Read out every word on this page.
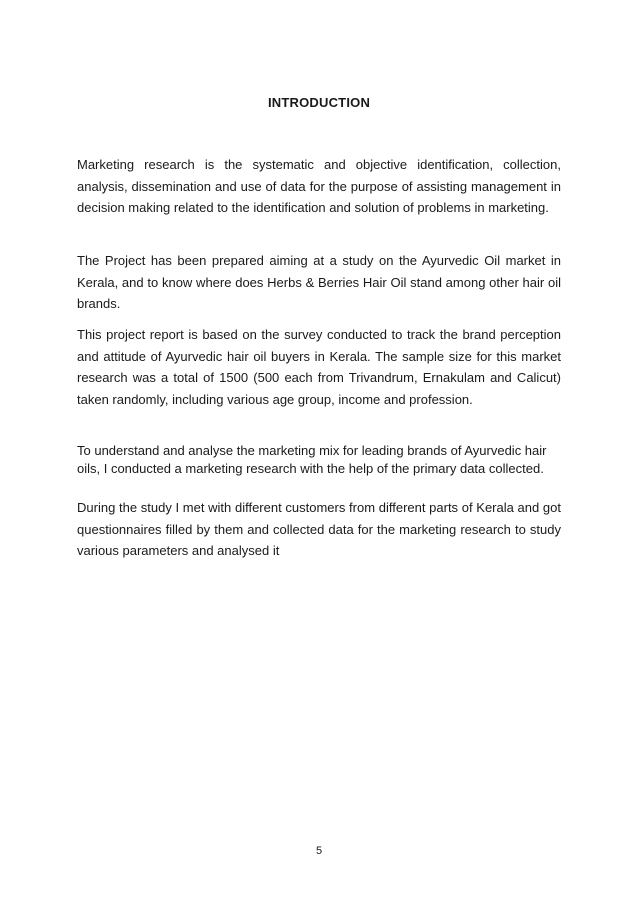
INTRODUCTION
Marketing research is the systematic and objective identification, collection, analysis, dissemination and use of data for the purpose of assisting management in decision making related to the identification and solution of problems in marketing.
The Project has been prepared aiming at a study on the Ayurvedic Oil market in Kerala, and to know where does Herbs & Berries Hair Oil stand among other hair oil brands.
This project report is based on the survey conducted to track the brand perception and attitude of Ayurvedic hair oil buyers in Kerala. The sample size for this market research was a total of 1500 (500 each from Trivandrum, Ernakulam and Calicut) taken randomly, including various age group, income and profession.
To understand and analyse the marketing mix for leading brands of Ayurvedic hair oils, I conducted a marketing research with the help of the primary data collected.
During the study I met with different customers from different parts of Kerala and got questionnaires filled by them and collected data for the marketing research to study various parameters and analysed it
5
